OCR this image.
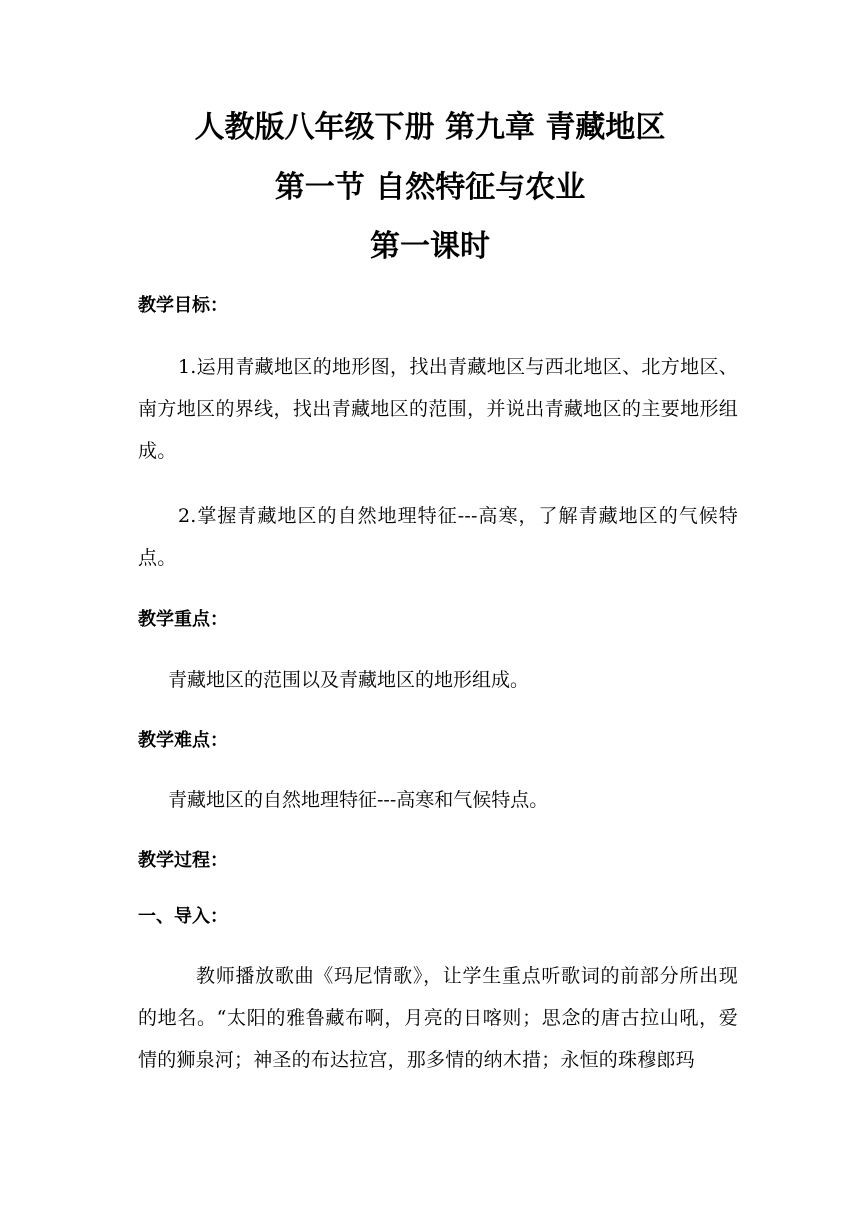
人教版八年级下册 第九章 青藏地区
第一节 自然特征与农业
第一课时

教学目标：

1.运用青藏地区的地形图，找出青藏地区与西北地区、北方地区、南方地区的界线，找出青藏地区的范围，并说出青藏地区的主要地形组成。

2.掌握青藏地区的自然地理特征---高寒，了解青藏地区的气候特点。

教学重点：

青藏地区的范围以及青藏地区的地形组成。

教学难点：

青藏地区的自然地理特征---高寒和气候特点。

教学过程：

一、导入：

教师播放歌曲《玛尼情歌》，让学生重点听歌词的前部分所出现的地名。“太阳的雅鲁藏布啊，月亮的日喀则；思念的唐古拉山吼，爱情的狮泉河；神圣的布达拉宫，那多情的纳木措；永恒的珠穆郎玛
